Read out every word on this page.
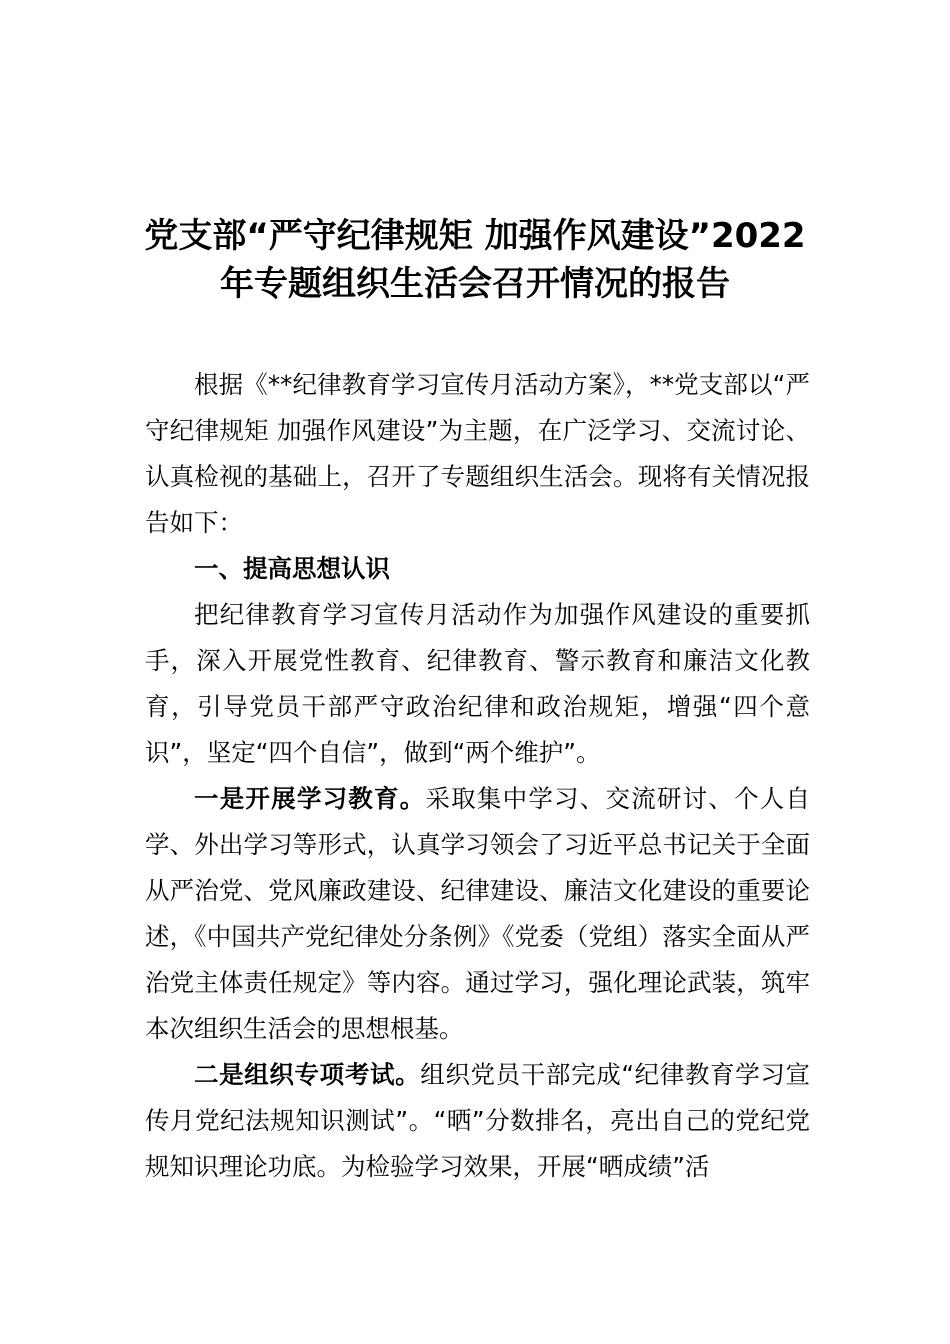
党支部“严守纪律规矩 加强作风建设”2022
年专题组织生活会召开情况的报告

根据《**纪律教育学习宣传月活动方案》，**党支部以“严守纪律规矩 加强作风建设”为主题，在广泛学习、交流讨论、认真检视的基础上，召开了专题组织生活会。现将有关情况报告如下：

一、提高思想认识

把纪律教育学习宣传月活动作为加强作风建设的重要抓手，深入开展党性教育、纪律教育、警示教育和廉洁文化教育，引导党员干部严守政治纪律和政治规矩，增强“四个意识”，坚定“四个自信”，做到“两个维护”。

一是开展学习教育。采取集中学习、交流研讨、个人自学、外出学习等形式，认真学习领会了习近平总书记关于全面从严治党、党风廉政建设、纪律建设、廉洁文化建设的重要论述，《中国共产党纪律处分条例》《党委（党组）落实全面从严治党主体责任规定》等内容。通过学习，强化理论武装，筑牢本次组织生活会的思想根基。

二是组织专项考试。组织党员干部完成“纪律教育学习宣传月党纪法规知识测试”。“晒”分数排名，亮出自己的党纪党规知识理论功底。为检验学习效果，开展“晒成绩”活
